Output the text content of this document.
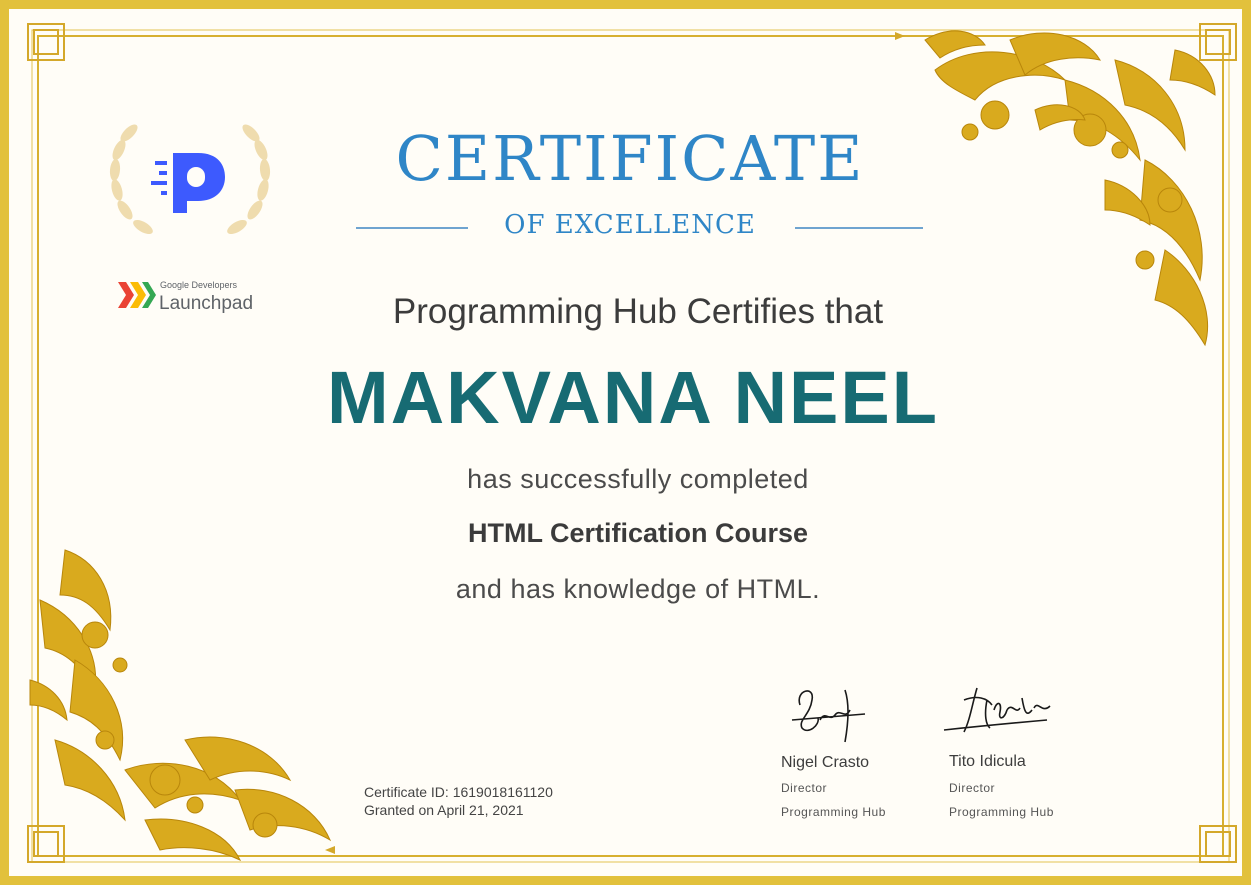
Google Developers
Launchpad
CERTIFICATE
OF EXCELLENCE
Programming Hub Certifies that
MAKVANA NEEL
has successfully completed
HTML Certification Course
and has knowledge of HTML.
Certificate ID: 1619018161120
Granted on April 21, 2021
Nigel Crasto
Director
Programming Hub
Tito Idicula
Director
Programming Hub
